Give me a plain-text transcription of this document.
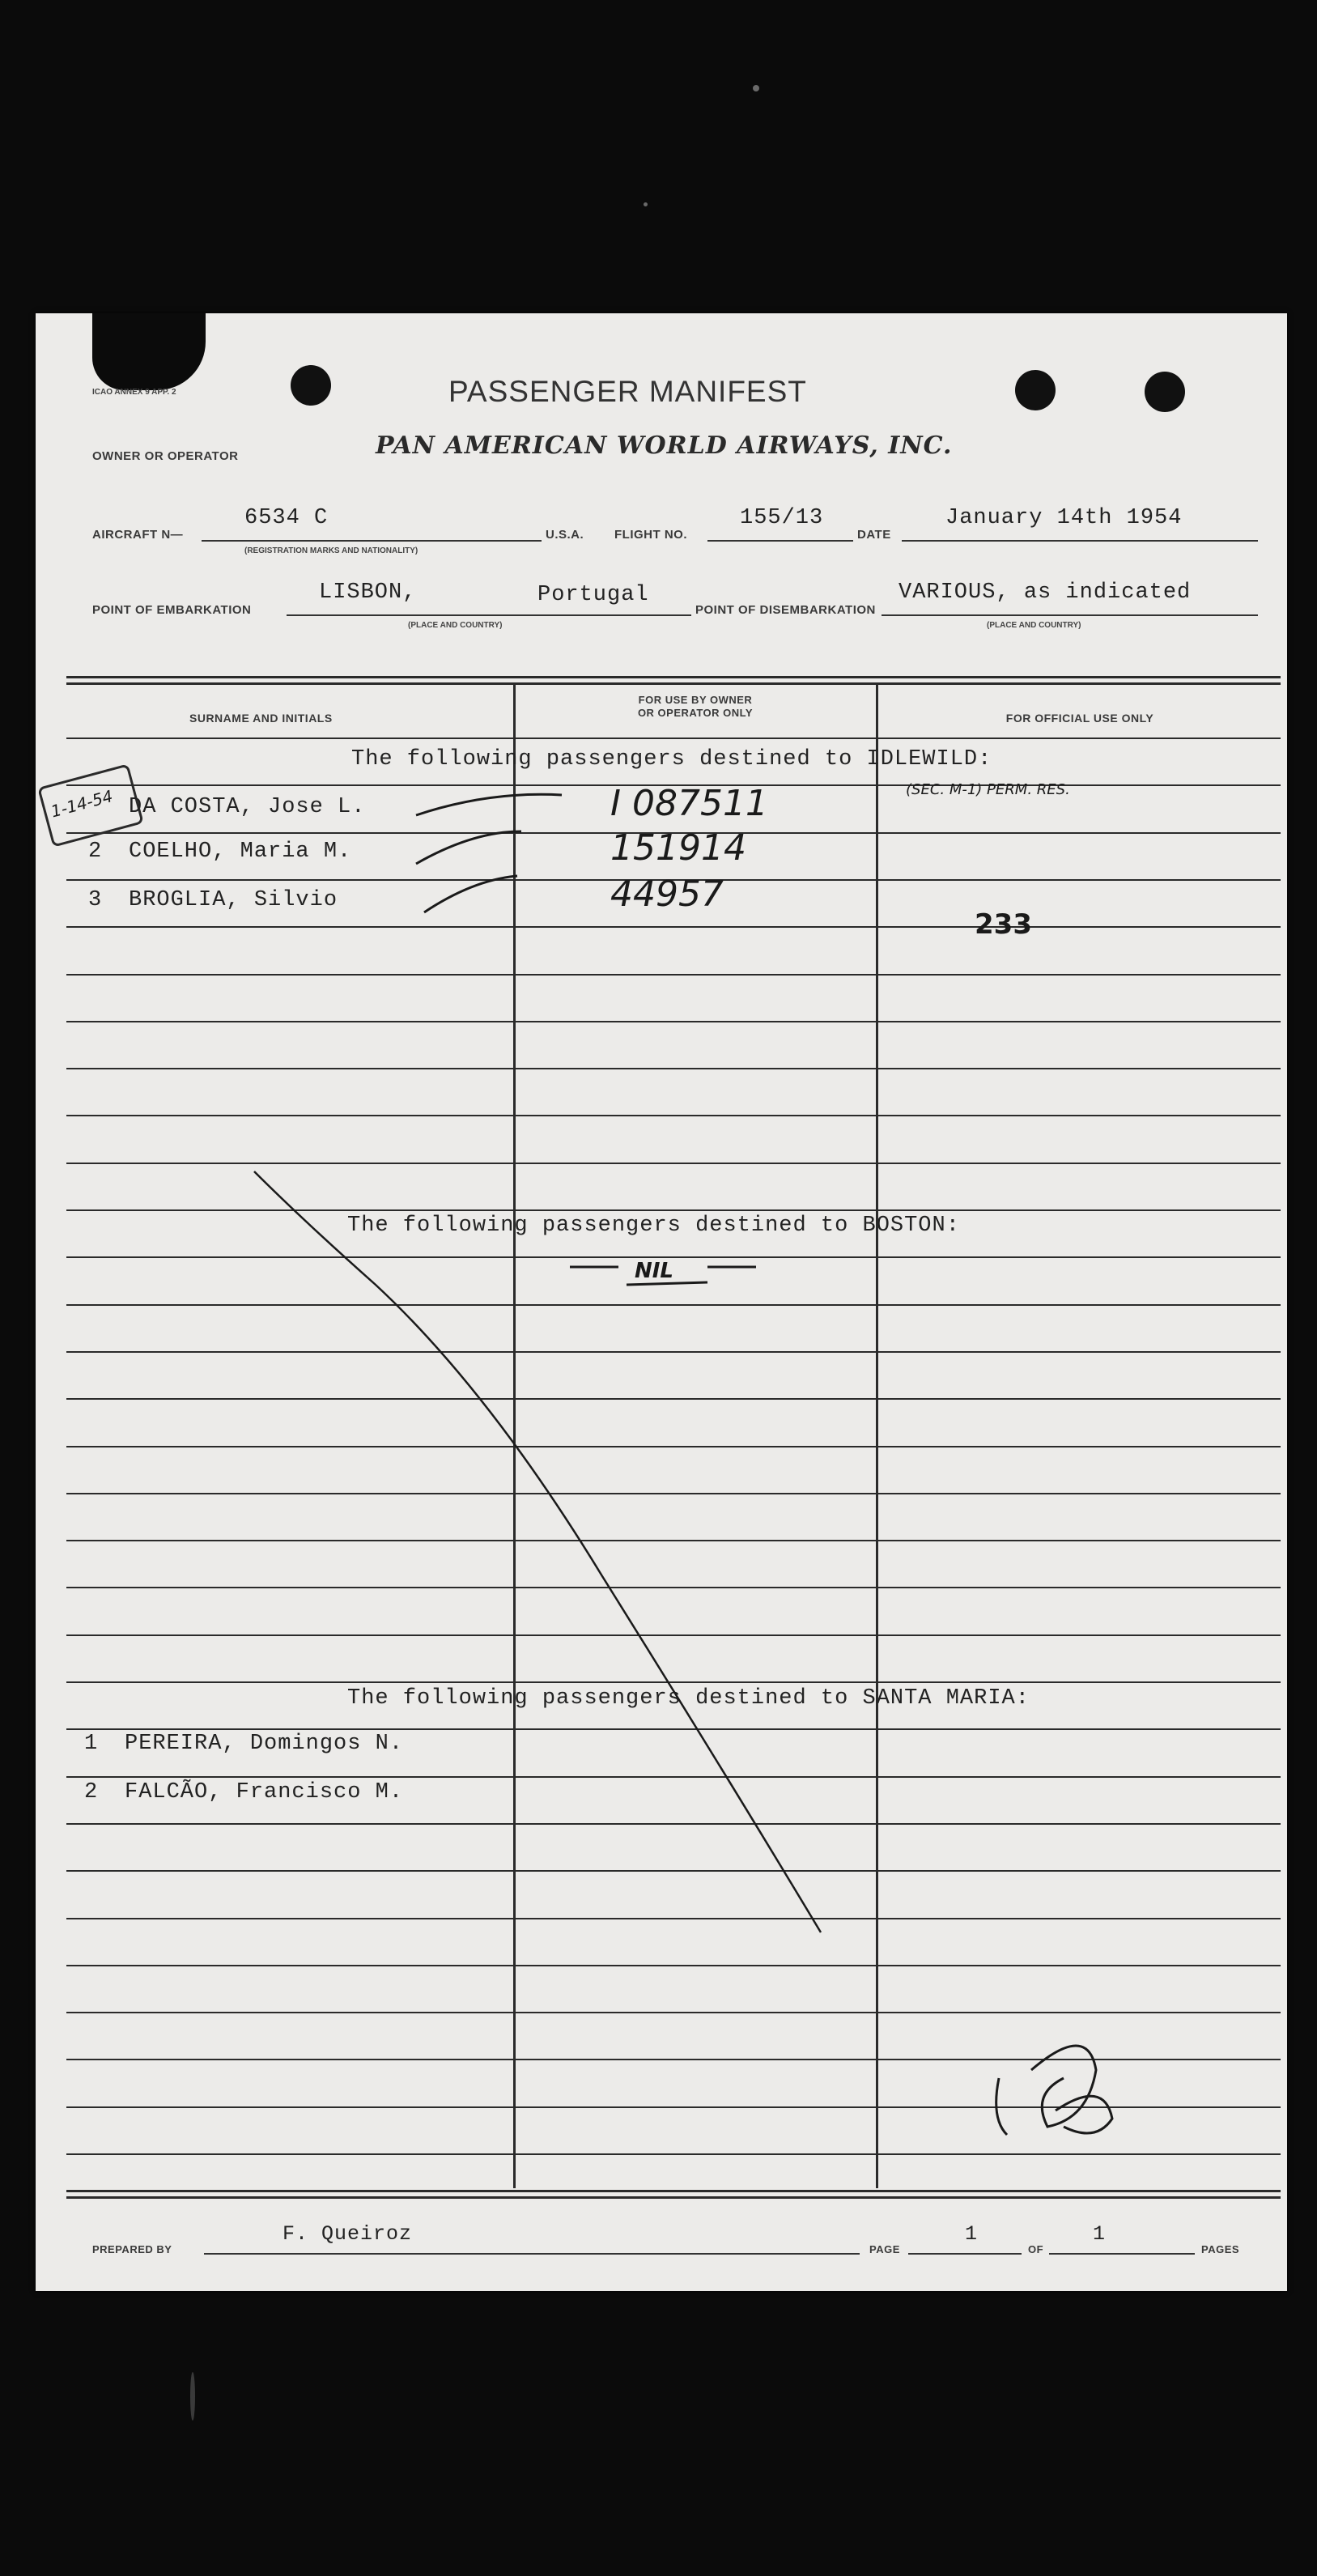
ICAO ANNEX 9 APP. 2	PASSENGER MANIFEST
OWNER OR OPERATOR	PAN AMERICAN WORLD AIRWAYS, INC.
AIRCRAFT N—
6534 C
(REGISTRATION MARKS AND NATIONALITY)
U.S.A.	FLIGHT NO.
155/13
DATE
January 14th 1954
POINT OF EMBARKATION
LISBON,	Portugal
(PLACE AND COUNTRY)
POINT OF DISEMBARKATION
VARIOUS, as indicated
(PLACE AND COUNTRY)
SURNAME AND INITIALS
FOR USE BY OWNER
OR OPERATOR ONLY	FOR OFFICIAL USE ONLY
The following passengers destined to IDLEWILD:
1-14-54 DA COSTA, Jose L.	I 087511	(SEC. M-1) PERM. RES.
2 COELHO, Maria M.	151914
3 BROGLIA, Silvio	44957
233
The following passengers destined to BOSTON:
NIL
The following passengers destined to SANTA MARIA:
1 PEREIRA, Domingos N.
2 FALCÃO, Francisco M.
PREPARED BY
F. Queiroz
PAGE
1
OF
1
PAGES
